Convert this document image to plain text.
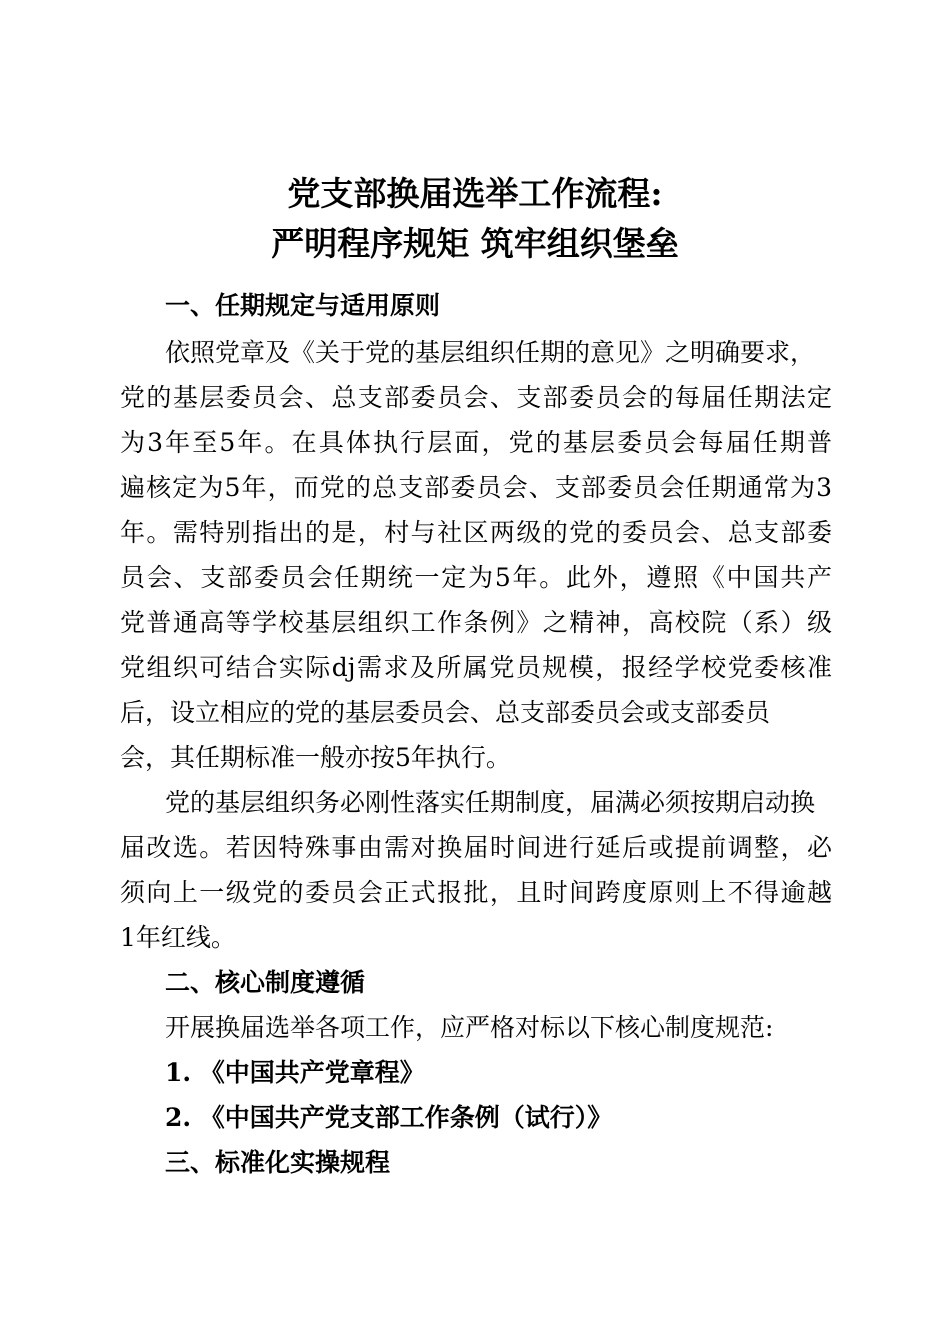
党支部换届选举工作流程:
严明程序规矩 筑牢组织堡垒
一、任期规定与适用原则
依照党章及《关于党的基层组织任期的意见》之明确要求，
党的基层委员会、总支部委员会、支部委员会的每届任期法定
为3年至5年。在具体执行层面，党的基层委员会每届任期普
遍核定为5年，而党的总支部委员会、支部委员会任期通常为3
年。需特别指出的是，村与社区两级的党的委员会、总支部委
员会、支部委员会任期统一定为5年。此外，遵照《中国共产
党普通高等学校基层组织工作条例》之精神，高校院（系）级
党组织可结合实际dj需求及所属党员规模，报经学校党委核准
后，设立相应的党的基层委员会、总支部委员会或支部委员
会，其任期标准一般亦按5年执行。
党的基层组织务必刚性落实任期制度，届满必须按期启动换
届改选。若因特殊事由需对换届时间进行延后或提前调整，必
须向上一级党的委员会正式报批，且时间跨度原则上不得逾越
1年红线。
二、核心制度遵循
开展换届选举各项工作，应严格对标以下核心制度规范:
1. 《中国共产党章程》
2. 《中国共产党支部工作条例（试行）》
三、标准化实操规程
